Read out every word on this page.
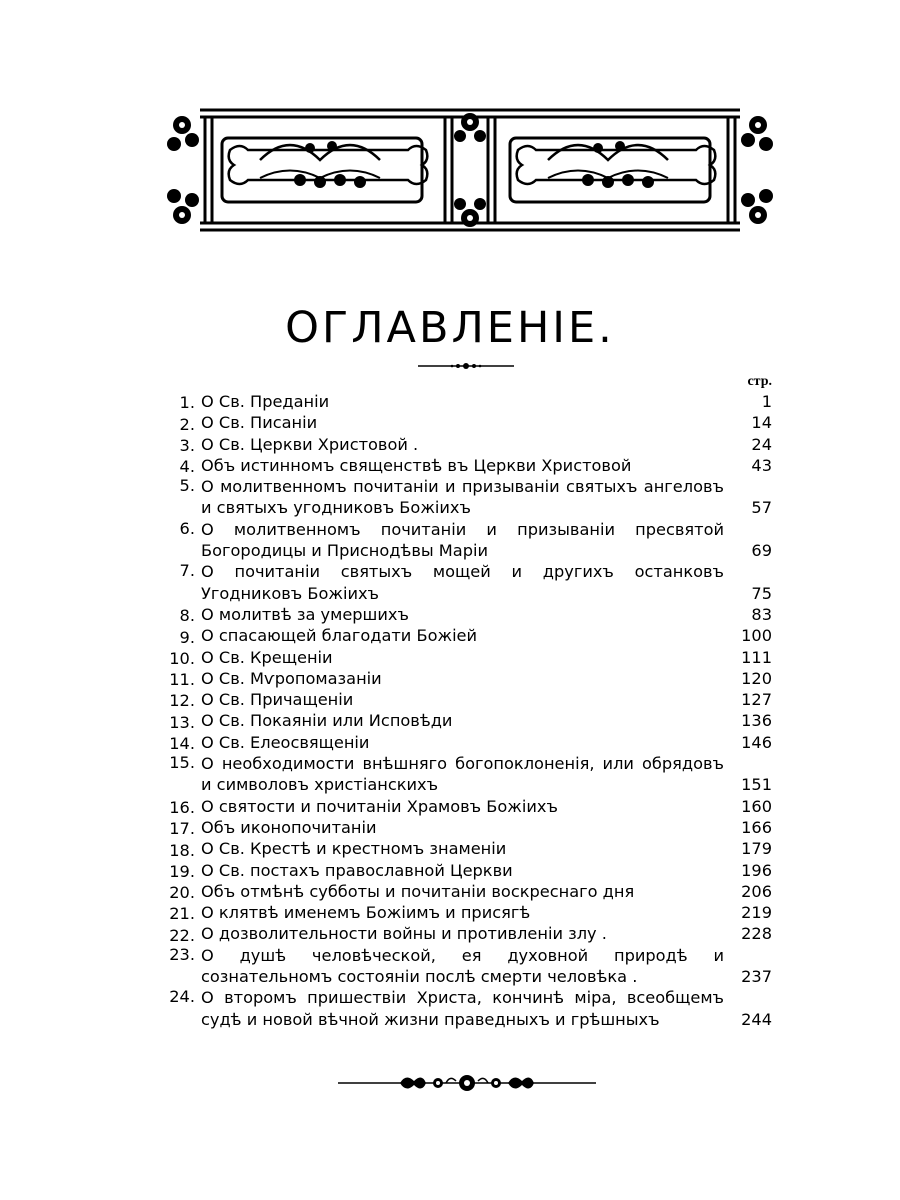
ОГЛАВЛЕНІЕ.
стр.
1. О Св. Преданіи	1
2. О Св. Писаніи	14
3. О Св. Церкви Христовой .	24
4. Объ истинномъ священствѣ въ Церкви Христовой	43
5. О молитвенномъ почитаніи и призываніи святыхъ ангеловъ и святыхъ угодниковъ Божіихъ	57
6. О молитвенномъ почитаніи и призываніи пресвятой Богородицы и Приснодѣвы Маріи	69
7. О почитаніи святыхъ мощей и другихъ останковъ Угодниковъ Божіихъ	75
8. О молитвѣ за умершихъ	83
9. О спасающей благодати Божіей	100
10. О Св. Крещеніи	111
11. О Св. Мѵропомазаніи	120
12. О Св. Причащеніи	127
13. О Св. Покаяніи или Исповѣди	136
14. О Св. Елеосвященіи	146
15. О необходимости внѣшняго богопоклоненія, или обрядовъ и символовъ христіанскихъ	151
16. О святости и почитаніи Храмовъ Божіихъ	160
17. Объ иконопочитаніи	166
18. О Св. Крестѣ и крестномъ знаменіи	179
19. О Св. постахъ православной Церкви	196
20. Объ отмѣнѣ субботы и почитаніи воскреснаго дня	206
21. О клятвѣ именемъ Божіимъ и присягѣ	219
22. О дозволительности войны и противленіи злу .	228
23. О душѣ человѣческой, ея духовной природѣ и сознательномъ состояніи послѣ смерти человѣка .	237
24. О второмъ пришествіи Христа, кончинѣ міра, всеобщемъ судѣ и новой вѣчной жизни праведныхъ и грѣшныхъ	244
